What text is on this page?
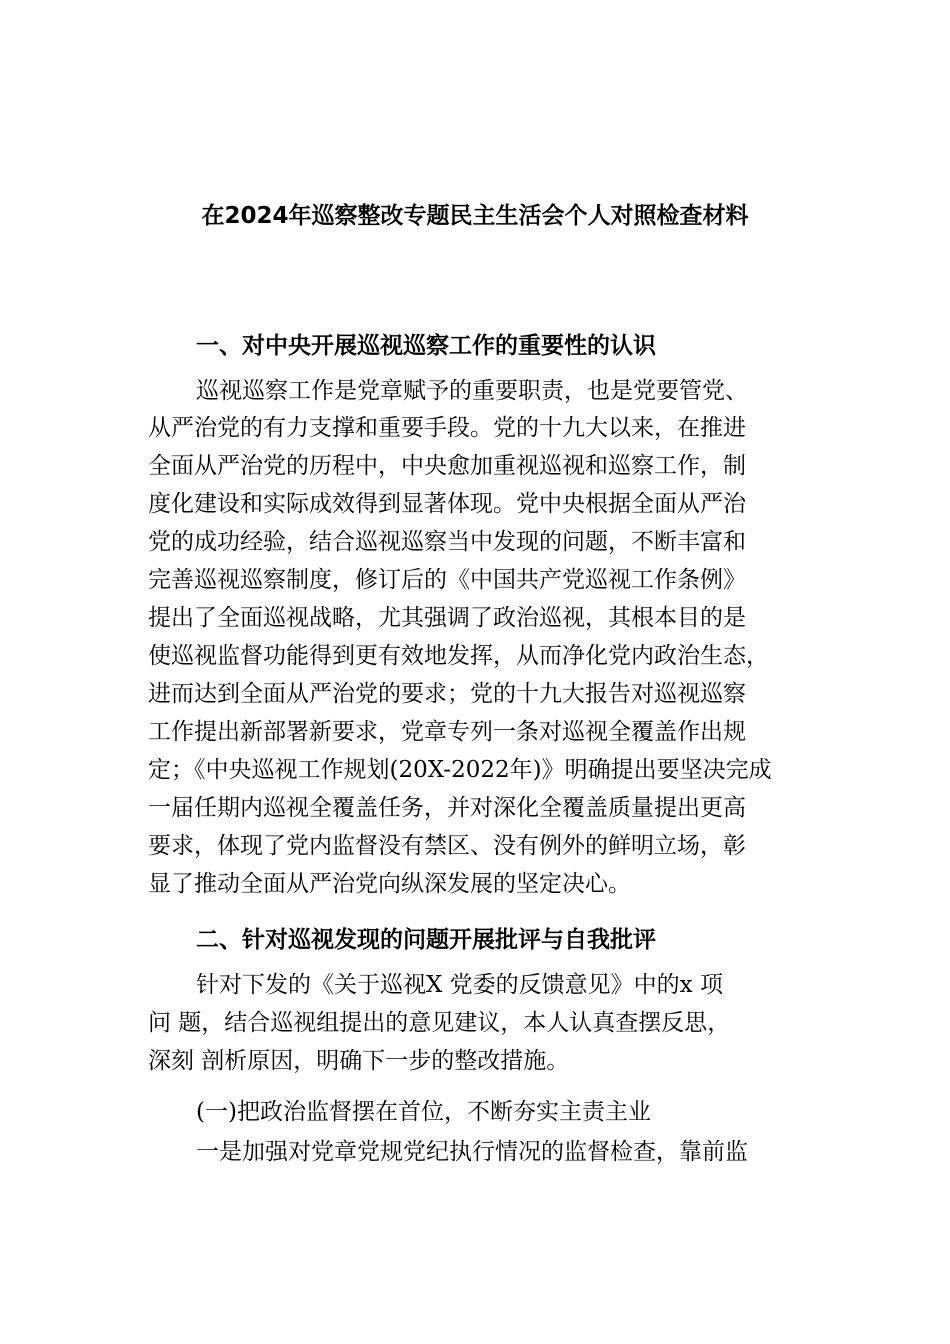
在2024年巡察整改专题民主生活会个人对照检查材料
一、对中央开展巡视巡察工作的重要性的认识
巡视巡察工作是党章赋予的重要职责，也是党要管党、
从严治党的有力支撑和重要手段。党的十九大以来，在推进
全面从严治党的历程中，中央愈加重视巡视和巡察工作，制
度化建设和实际成效得到显著体现。党中央根据全面从严治
党的成功经验，结合巡视巡察当中发现的问题，不断丰富和
完善巡视巡察制度，修订后的《中国共产党巡视工作条例》
提出了全面巡视战略，尤其强调了政治巡视，其根本目的是
使巡视监督功能得到更有效地发挥，从而净化党内政治生态，
进而达到全面从严治党的要求；党的十九大报告对巡视巡察
工作提出新部署新要求，党章专列一条对巡视全覆盖作出规
定；《中央巡视工作规划(20X-2022年)》明确提出要坚决完成
一届任期内巡视全覆盖任务，并对深化全覆盖质量提出更高
要求，体现了党内监督没有禁区、没有例外的鲜明立场，彰
显了推动全面从严治党向纵深发展的坚定决心。
二、针对巡视发现的问题开展批评与自我批评
针对下发的《关于巡视X 党委的反馈意见》中的x 项
问 题，结合巡视组提出的意见建议，本人认真查摆反思，
深刻 剖析原因，明确下一步的整改措施。
(一)把政治监督摆在首位，不断夯实主责主业
一是加强对党章党规党纪执行情况的监督检查，靠前监
